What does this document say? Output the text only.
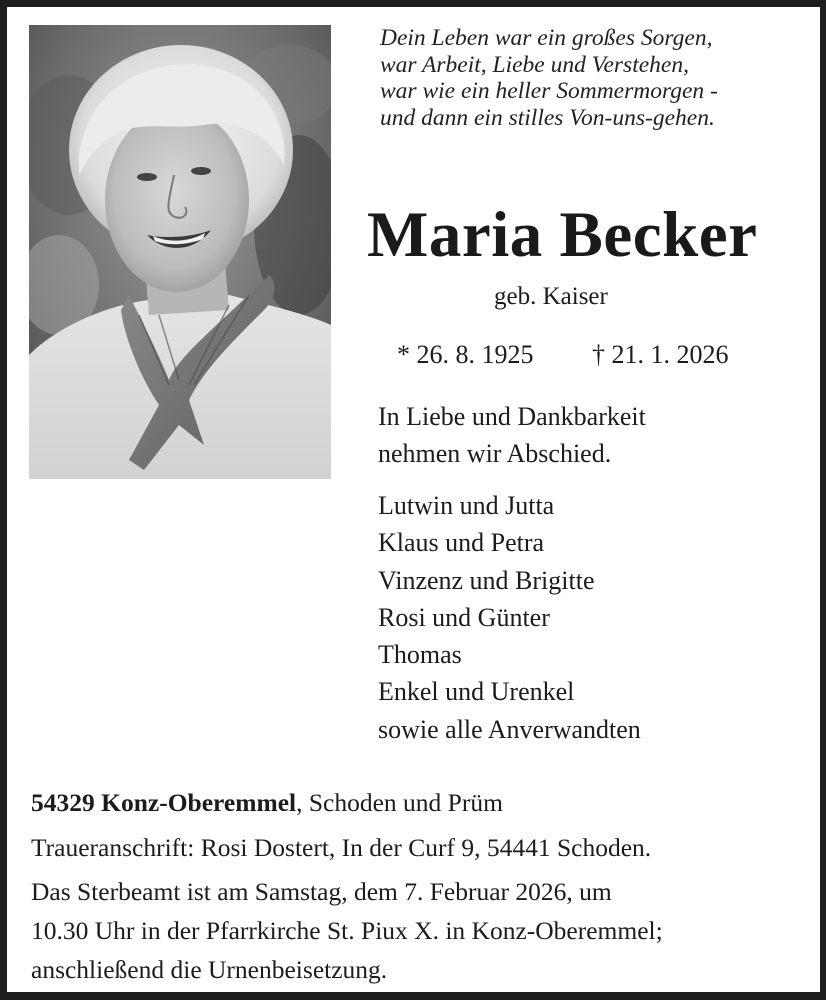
Dein Leben war ein großes Sorgen,
war Arbeit, Liebe und Verstehen,
war wie ein heller Sommermorgen -
und dann ein stilles Von-uns-gehen.
Maria Becker
geb. Kaiser
* 26. 8. 1925 † 21. 1. 2026
In Liebe und Dankbarkeit
nehmen wir Abschied.
Lutwin und Jutta
Klaus und Petra
Vinzenz und Brigitte
Rosi und Günter
Thomas
Enkel und Urenkel
sowie alle Anverwandten
54329 Konz-Oberemmel, Schoden und Prüm
Traueranschrift: Rosi Dostert, In der Curf 9, 54441 Schoden.
Das Sterbeamt ist am Samstag, dem 7. Februar 2026, um
10.30 Uhr in der Pfarrkirche St. Piux X. in Konz-Oberemmel;
anschließend die Urnenbeisetzung.
